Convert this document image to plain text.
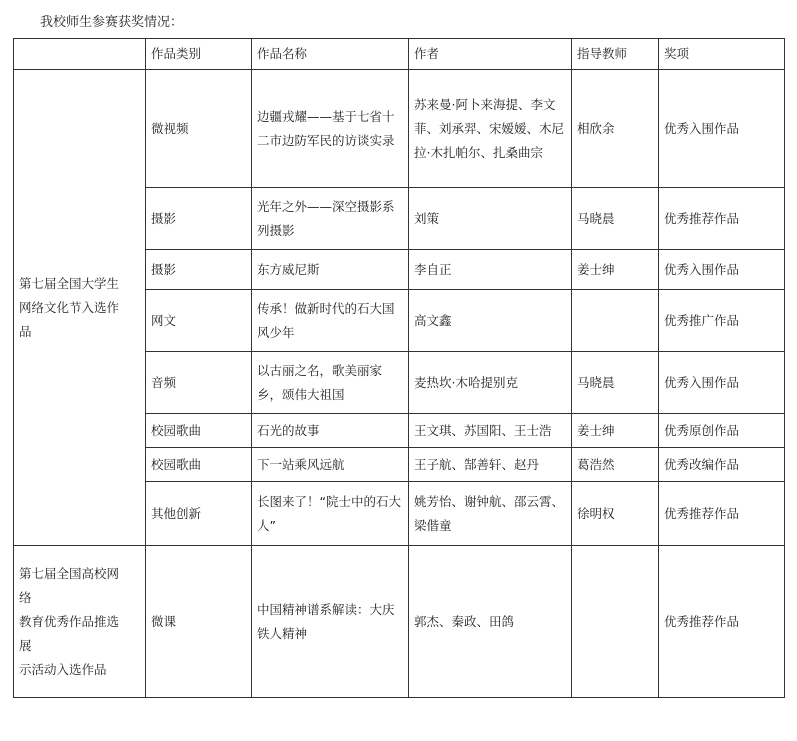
我校师生参赛获奖情况：
	作品类别	作品名称	作者	指导教师	奖项
第七届全国大学生
网络文化节入选作
品	微视频	边疆戎耀——基于七省十二市边防军民的访谈实录	苏来曼·阿卜来海提、李文菲、刘承羿、宋嫒嫒、木尼拉·木扎帕尔、扎桑曲宗	相欣余	优秀入围作品
	摄影	光年之外——深空摄影系列摄影	刘策	马晓晨	优秀推荐作品
	摄影	东方威尼斯	李自正	姜士绅	优秀入围作品
	网文	传承！做新时代的石大国风少年	高文鑫		优秀推广作品
	音频	以古丽之名，歌美丽家乡，颂伟大祖国	麦热坎·木哈提别克	马晓晨	优秀入围作品
	校园歌曲	石光的故事	王文琪、苏国阳、王士浩	姜士绅	优秀原创作品
	校园歌曲	下一站乘风远航	王子航、郜善轩、赵丹	葛浩然	优秀改编作品
	其他创新	长图来了！“院士中的石大人”	姚芳怡、谢钟航、邵云霄、梁偕童	徐明权	优秀推荐作品
第七届全国高校网
络
教育优秀作品推选
展
示活动入选作品	微课	中国精神谱系解读：大庆铁人精神	郭杰、秦政、田鸽		优秀推荐作品
